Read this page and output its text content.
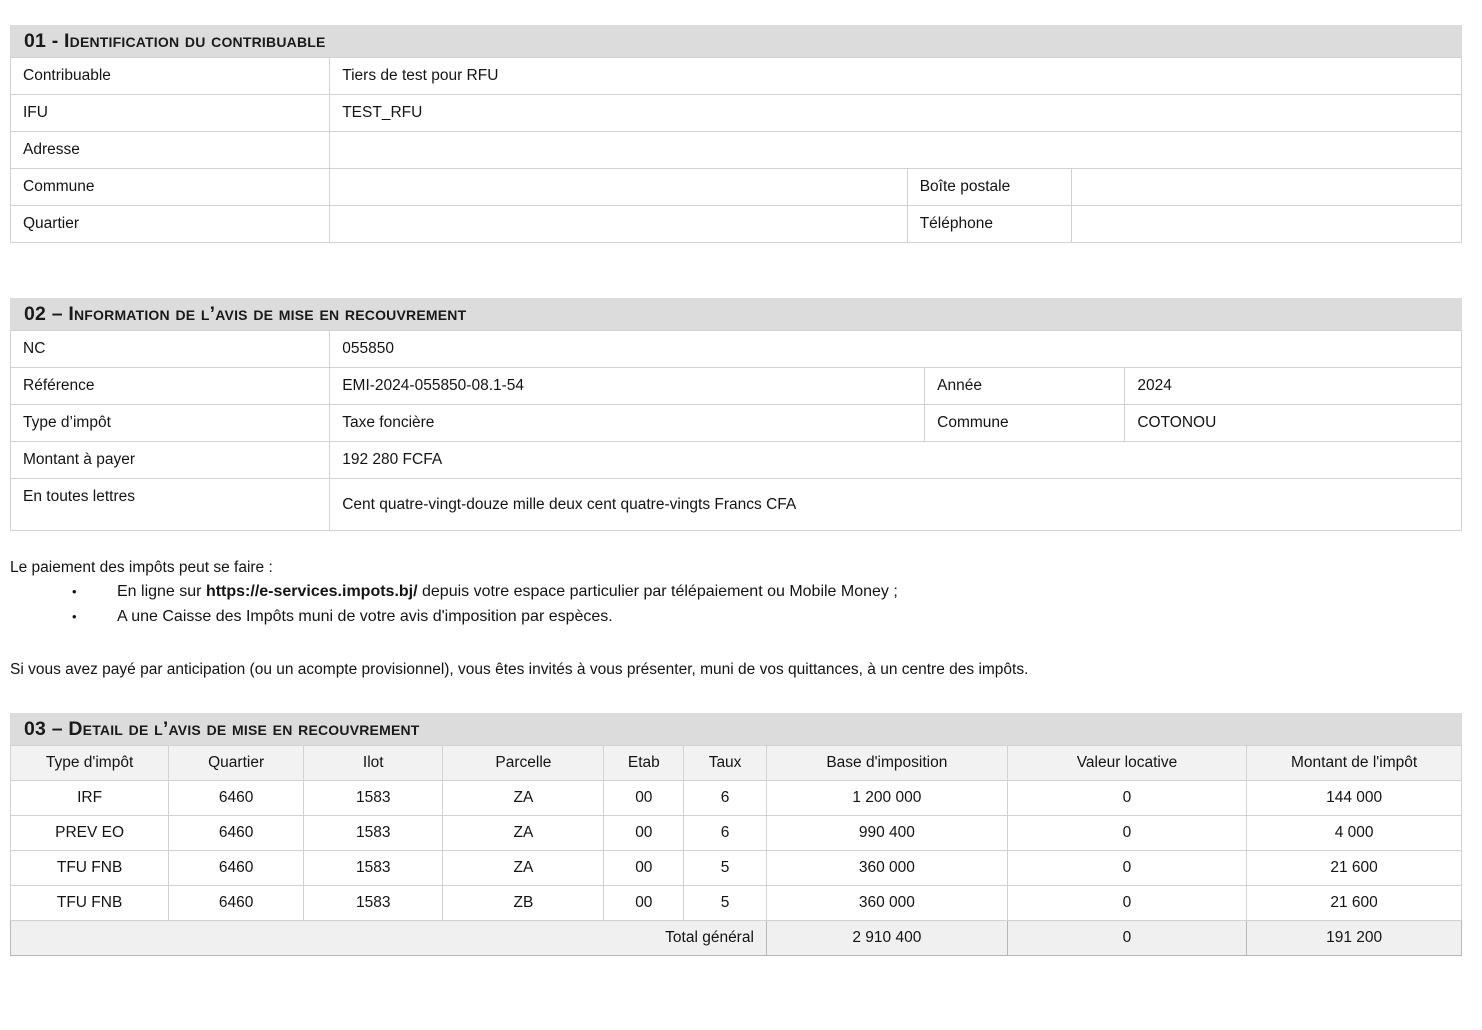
01 - Identification du contribuable
Contribuable	Tiers de test pour RFU		
IFU	TEST_RFU		
Adresse			
Commune		Boîte postale	
Quartier		Téléphone	
02 – Information de l’avis de mise en recouvrement
NC	055850		
Référence	EMI-2024-055850-08.1-54	Année	2024
Type d’impôt	Taxe foncière	Commune	COTONOU
Montant à payer	192 280 FCFA		
En toutes lettres	Cent quatre-vingt-douze mille deux cent quatre-vingts Francs CFA		
Le paiement des impôts peut se faire :
•	En ligne sur https://e-services.impots.bj/ depuis votre espace particulier par télépaiement ou Mobile Money ;
•	A une Caisse des Impôts muni de votre avis d'imposition par espèces.
Si vous avez payé par anticipation (ou un acompte provisionnel), vous êtes invités à vous présenter, muni de vos quittances, à un centre des impôts.
03 – Detail de l’avis de mise en recouvrement
Type d'impôt	Quartier	Ilot	Parcelle	Etab	Taux	Base d'imposition	Valeur locative	Montant de l'impôt
IRF	6460	1583	ZA	00	6	1 200 000	0	144 000
PREV EO	6460	1583	ZA	00	6	990 400	0	4 000
TFU FNB	6460	1583	ZA	00	5	360 000	0	21 600
TFU FNB	6460	1583	ZB	00	5	360 000	0	21 600
Total général						2 910 400	0	191 200
